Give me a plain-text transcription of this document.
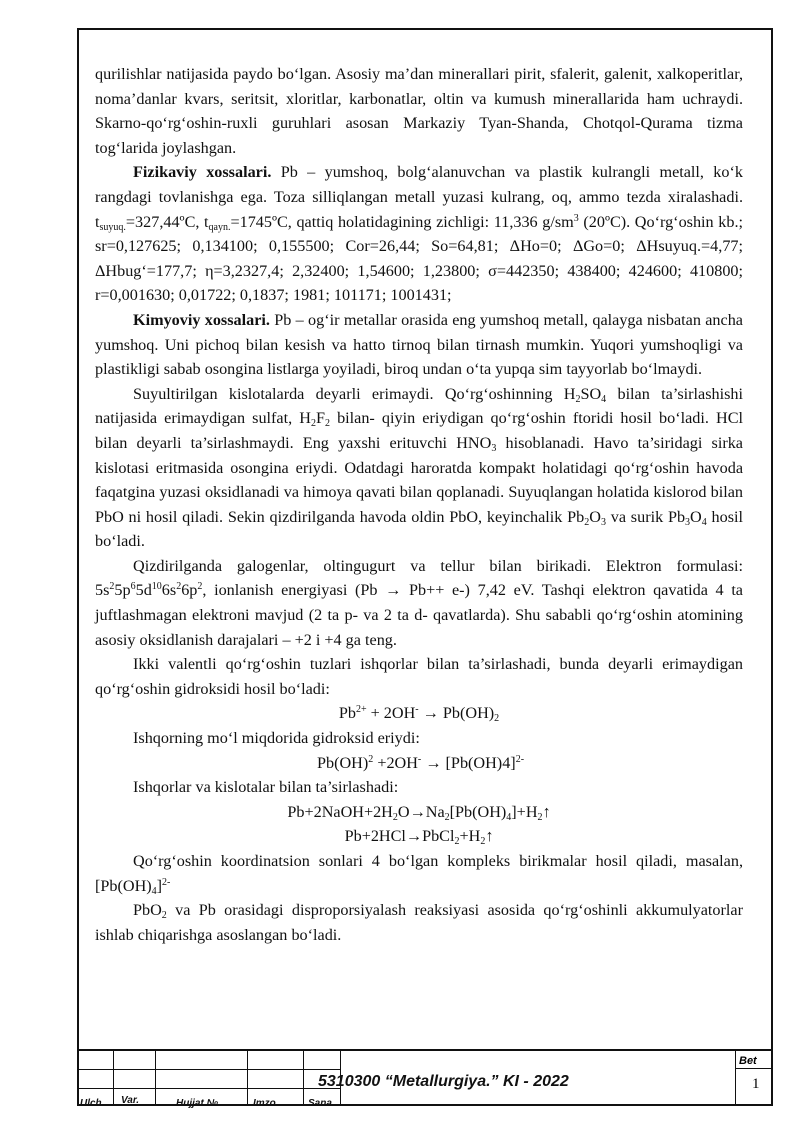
qurilishlar natijasida paydo bo‘lgan. Asosiy ma’dan minerallari pirit, sfalerit, galenit, xalkoperitlar, noma’danlar kvars, seritsit, xloritlar, karbonatlar, oltin va kumush minerallarida ham uchraydi. Skarno-qo‘rg‘oshin-ruxli guruhlari asosan Markaziy Tyan-Shanda, Chotqol-Qurama tizma tog‘larida joylashgan.

Fizikaviy xossalari. Pb – yumshoq, bolg‘alanuvchan va plastik kulrangli metall, ko‘k rangdagi tovlanishga ega. Toza silliqlangan metall yuzasi kulrang, oq, ammo tezda xiralashadi. $t_{suyuq.}=327,44ºC$, $t_{qayn.}=1745ºC$, qattiq holatidagining zichligi: 11,336 $g/sm^3$ (20ºC). Qo‘rg‘oshin kb.; sr=0,127625; 0,134100; 0,155500; Cor=26,44; So=64,81; ΔHo=0; ΔGo=0; ΔHsuyuq.=4,77; ΔHbug‘=177,7; η=3,2327,4; 2,32400; 1,54600; 1,23800; σ=442350; 438400; 424600; 410800; r=0,001630; 0,01722; 0,1837; 1981; 101171; 1001431;

Kimyoviy xossalari. Pb – og‘ir metallar orasida eng yumshoq metall, qalayga nisbatan ancha yumshoq. Uni pichoq bilan kesish va hatto tirnoq bilan tirnash mumkin. Yuqori yumshoqligi va plastikligi sabab osongina listlarga yoyiladi, biroq undan o‘ta yupqa sim tayyorlab bo‘lmaydi.

Suyultirilgan kislotalarda deyarli erimaydi. Qo‘rg‘oshinning $H_2SO_4$ bilan ta’sirlashishi natijasida erimaydigan sulfat, $H_2F_2$ bilan- qiyin eriydigan qo‘rg‘oshin ftoridi hosil bo‘ladi. HCl bilan deyarli ta’sirlashmaydi. Eng yaxshi erituvchi $HNO_3$ hisoblanadi. Havo ta’siridagi sirka kislotasi eritmasida osongina eriydi. Odatdagi haroratda kompakt holatidagi qo‘rg‘oshin havoda faqatgina yuzasi oksidlanadi va himoya qavati bilan qoplanadi. Suyuqlangan holatida kislorod bilan PbO ni hosil qiladi. Sekin qizdirilganda havoda oldin PbO, keyinchalik $Pb_2O_3$ va surik $Pb_3O_4$ hosil bo‘ladi.

Qizdirilganda galogenlar, oltingugurt va tellur bilan birikadi. Elektron formulasi: $5s^25p^65d^{10}6s^26p^2$, ionlanish energiyasi (Pb → Pb++ e-) 7,42 eV. Tashqi elektron qavatida 4 ta juftlashmagan elektroni mavjud (2 ta p- va 2 ta d- qavatlarda). Shu sababli qo‘rg‘oshin atomining asosiy oksidlanish darajalari – +2 i +4 ga teng.

Ikki valentli qo‘rg‘oshin tuzlari ishqorlar bilan ta’sirlashadi, bunda deyarli erimaydigan qo‘rg‘oshin gidroksidi hosil bo‘ladi:

$Pb^{2+} + 2OH^- \to Pb(OH)_2$

Ishqorning mo‘l miqdorida gidroksid eriydi:

$Pb(OH)^2 +2OH^- \to [Pb(OH)4]^{2-}$

Ishqorlar va kislotalar bilan ta’sirlashadi:

$Pb+2NaOH+2H_2O\to Na_2[Pb(OH)_4]+H_2↑$

$Pb+2HCl\to PbCl_2+H_2↑$

Qo‘rg‘oshin koordinatsion sonlari 4 bo‘lgan kompleks birikmalar hosil qiladi, masalan, $[Pb(OH)_4]^{2-}$

PbO$_2$ va Pb orasidagi disproporsiyalash reaksiyasi asosida qo‘rg‘oshinli akkumulyatorlar ishlab chiqarishga asoslangan bo‘ladi.

Ulch. Var.	Hujjat №	Imzo	Sana
5310300 “Metallurgiya.” KI - 2022
Bet
1
